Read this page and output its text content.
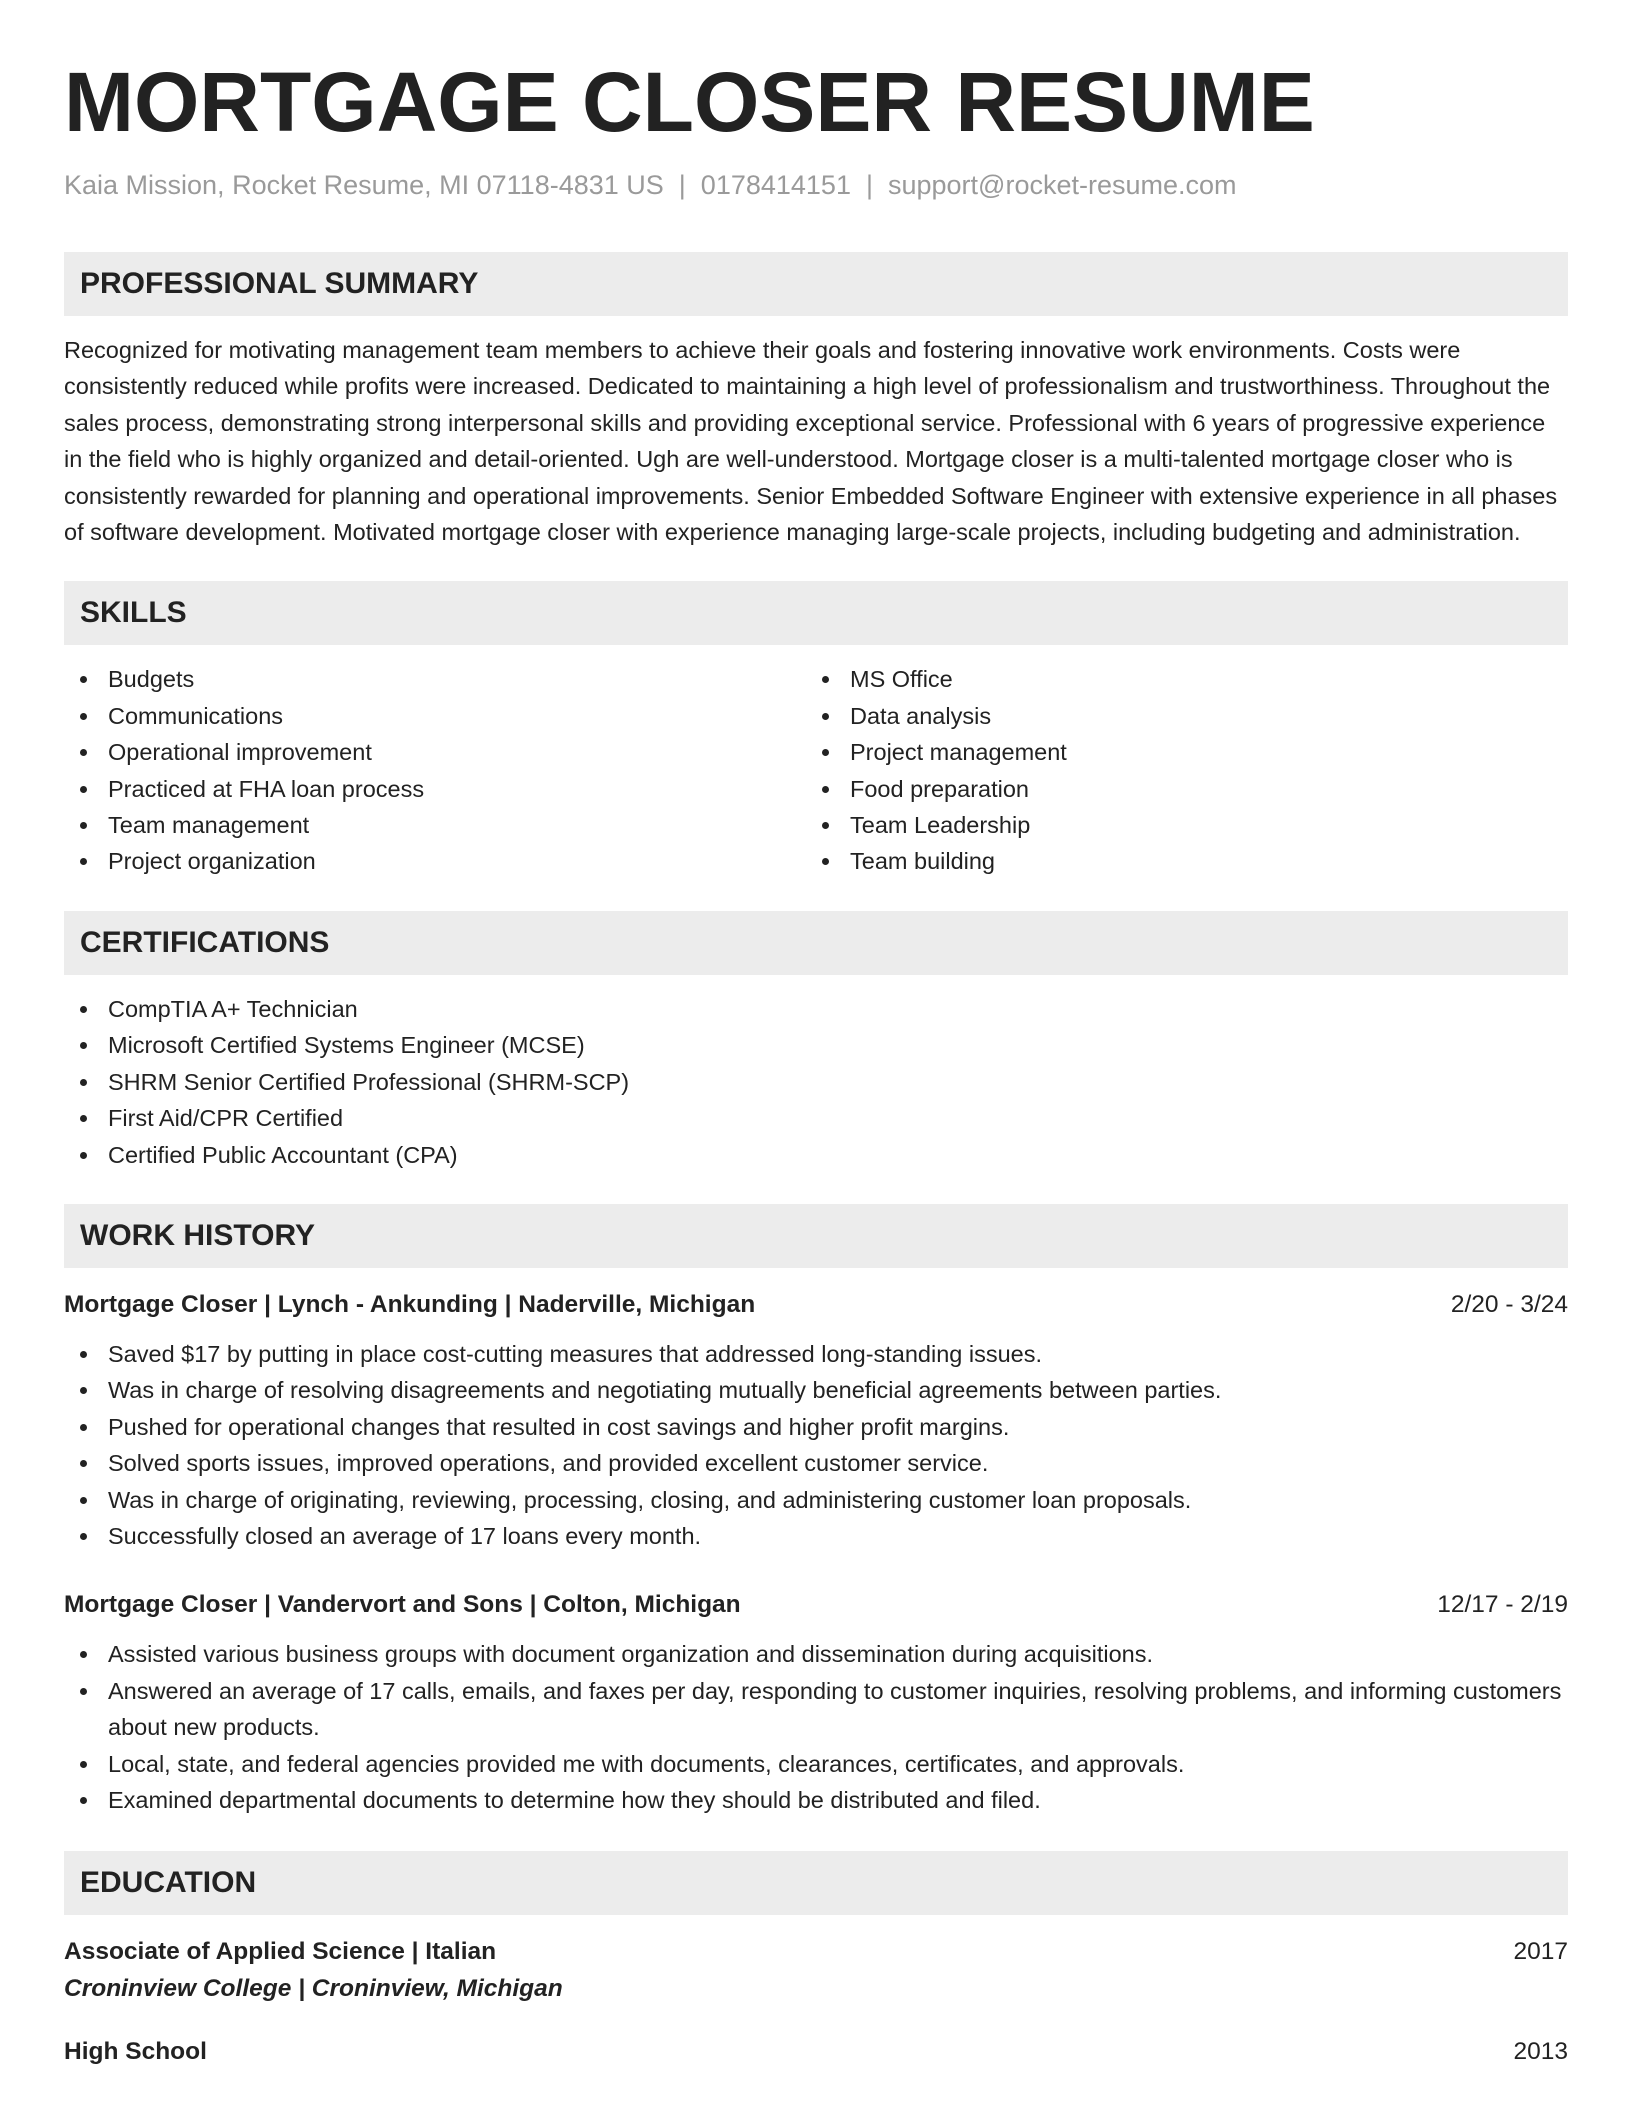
MORTGAGE CLOSER RESUME
Kaia Mission, Rocket Resume, MI 07118-4831 US | 0178414151 | support@rocket-resume.com
PROFESSIONAL SUMMARY

Recognized for motivating management team members to achieve their goals and fostering innovative work environments. Costs were consistently reduced while profits were increased. Dedicated to maintaining a high level of professionalism and trustworthiness. Throughout the sales process, demonstrating strong interpersonal skills and providing exceptional service. Professional with 6 years of progressive experience in the field who is highly organized and detail-oriented. Ugh are well-understood. Mortgage closer is a multi-talented mortgage closer who is consistently rewarded for planning and operational improvements. Senior Embedded Software Engineer with extensive experience in all phases of software development. Motivated mortgage closer with experience managing large-scale projects, including budgeting and administration.

SKILLS
Budgets
Communications
Operational improvement
Practiced at FHA loan process
Team management
Project organization
MS Office
Data analysis
Project management
Food preparation
Team Leadership
Team building
CERTIFICATIONS
CompTIA A+ Technician
Microsoft Certified Systems Engineer (MCSE)
SHRM Senior Certified Professional (SHRM-SCP)
First Aid/CPR Certified
Certified Public Accountant (CPA)
WORK HISTORY
Mortgage Closer | Lynch - Ankunding | Naderville, Michigan	2/20 - 3/24
Saved $17 by putting in place cost-cutting measures that addressed long-standing issues.
Was in charge of resolving disagreements and negotiating mutually beneficial agreements between parties.
Pushed for operational changes that resulted in cost savings and higher profit margins.
Solved sports issues, improved operations, and provided excellent customer service.
Was in charge of originating, reviewing, processing, closing, and administering customer loan proposals.
Successfully closed an average of 17 loans every month.
Mortgage Closer | Vandervort and Sons | Colton, Michigan	12/17 - 2/19
Assisted various business groups with document organization and dissemination during acquisitions.
Answered an average of 17 calls, emails, and faxes per day, responding to customer inquiries, resolving problems, and informing customers about new products.
Local, state, and federal agencies provided me with documents, clearances, certificates, and approvals.
Examined departmental documents to determine how they should be distributed and filed.
EDUCATION
Associate of Applied Science | Italian	2017
Croninview College | Croninview, Michigan
High School	2013
